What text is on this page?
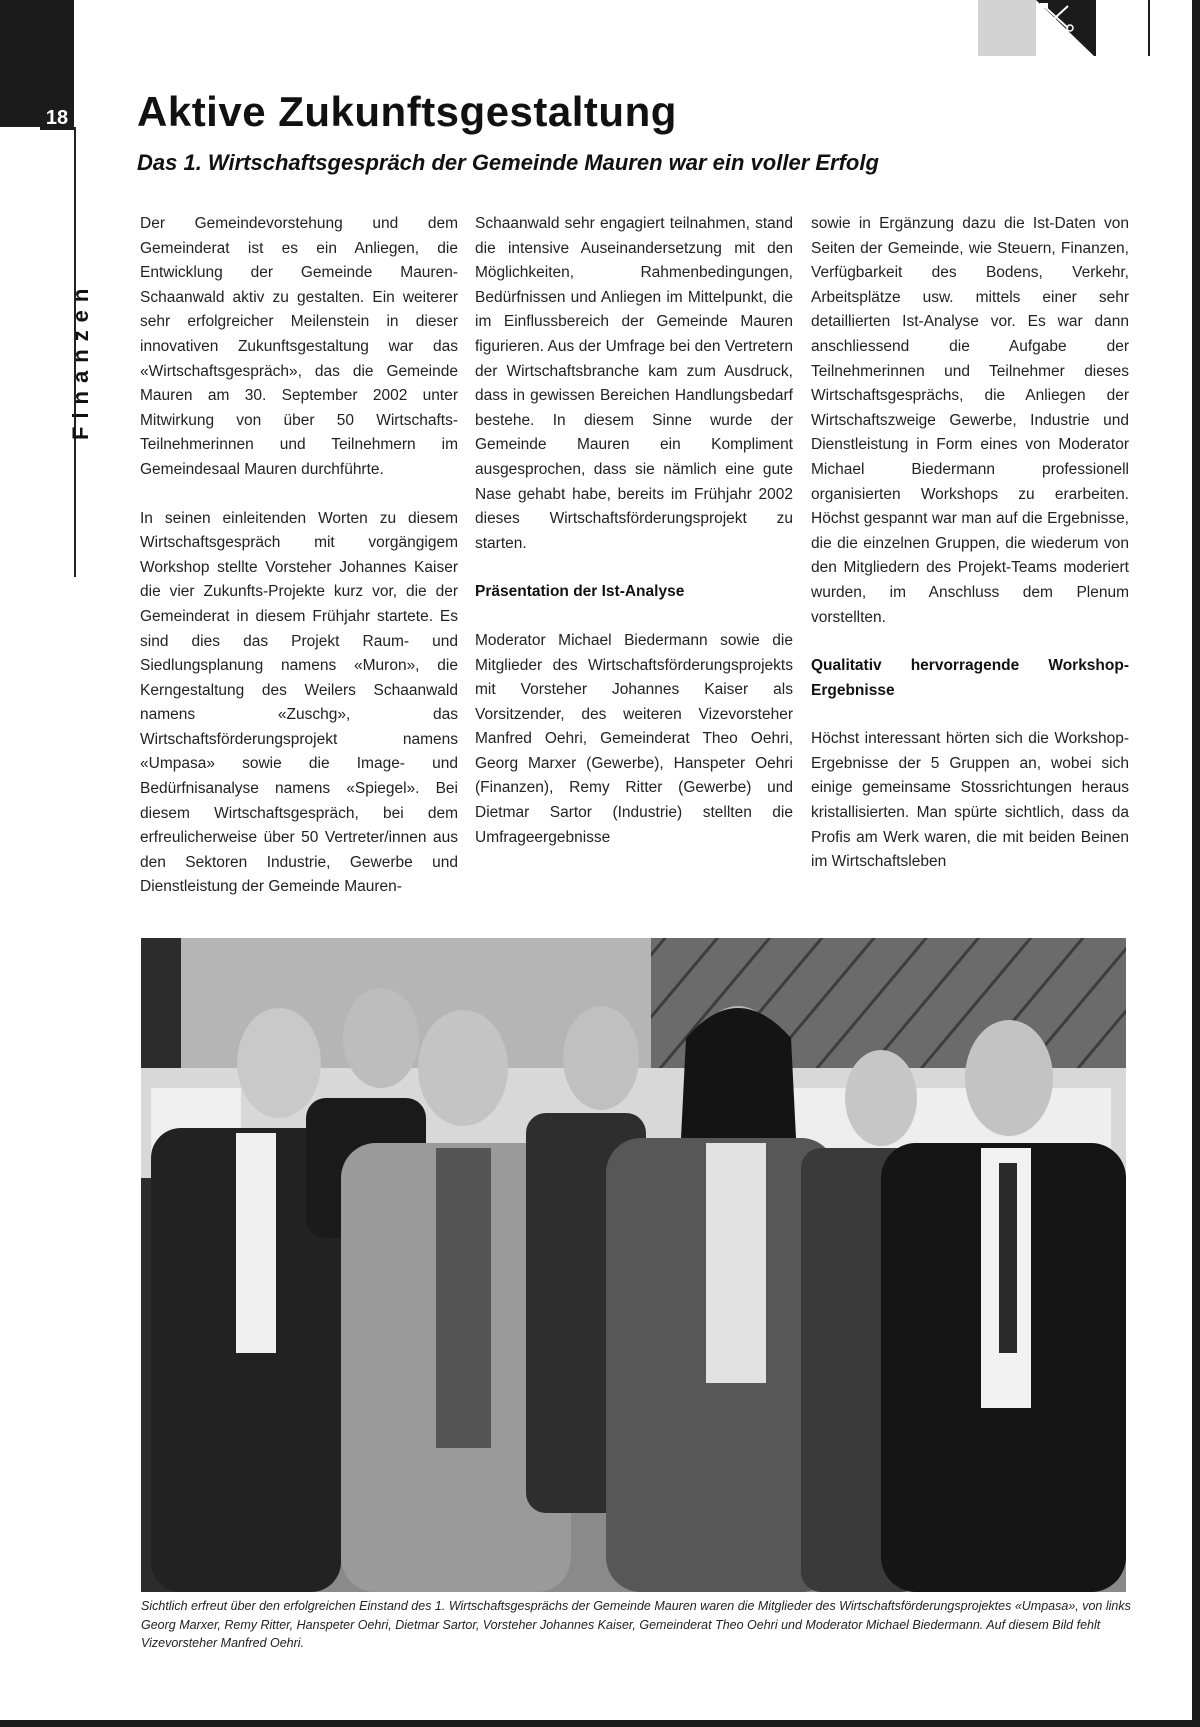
18
Finanzen
Aktive Zukunftsgestaltung
Das 1. Wirtschaftsgespräch der Gemeinde Mauren war ein voller Erfolg

Der Gemeindevorstehung und dem Gemeinderat ist es ein Anliegen, die Entwicklung der Gemeinde Mauren-Schaanwald aktiv zu gestalten. Ein weiterer sehr erfolgreicher Meilenstein in dieser innovativen Zukunftsgestaltung war das «Wirtschaftsgespräch», das die Gemeinde Mauren am 30. September 2002 unter Mitwirkung von über 50 Wirtschafts-Teilnehmerinnen und Teilnehmern im Gemeindesaal Mauren durchführte.

In seinen einleitenden Worten zu diesem Wirtschaftsgespräch mit vorgängigem Workshop stellte Vorsteher Johannes Kaiser die vier Zukunfts-Projekte kurz vor, die der Gemeinderat in diesem Frühjahr startete. Es sind dies das Projekt Raum- und Siedlungsplanung namens «Muron», die Kerngestaltung des Weilers Schaanwald namens «Zuschg», das Wirtschaftsförderungsprojekt namens «Umpasa» sowie die Image- und Bedürfnisanalyse namens «Spiegel». Bei diesem Wirtschaftsgespräch, bei dem erfreulicherweise über 50 Vertreter/innen aus den Sektoren Industrie, Gewerbe und Dienstleistung der Gemeinde Mauren-

Schaanwald sehr engagiert teilnahmen, stand die intensive Auseinandersetzung mit den Möglichkeiten, Rahmenbedingungen, Bedürfnissen und Anliegen im Mittelpunkt, die im Einflussbereich der Gemeinde Mauren figurieren. Aus der Umfrage bei den Vertretern der Wirtschaftsbranche kam zum Ausdruck, dass in gewissen Bereichen Handlungsbedarf bestehe. In diesem Sinne wurde der Gemeinde Mauren ein Kompliment ausgesprochen, dass sie nämlich eine gute Nase gehabt habe, bereits im Frühjahr 2002 dieses Wirtschaftsförderungsprojekt zu starten.

Präsentation der Ist-Analyse

Moderator Michael Biedermann sowie die Mitglieder des Wirtschaftsförderungsprojekts mit Vorsteher Johannes Kaiser als Vorsitzender, des weiteren Vizevorsteher Manfred Oehri, Gemeinderat Theo Oehri, Georg Marxer (Gewerbe), Hanspeter Oehri (Finanzen), Remy Ritter (Gewerbe) und Dietmar Sartor (Industrie) stellten die Umfrageergebnisse

sowie in Ergänzung dazu die Ist-Daten von Seiten der Gemeinde, wie Steuern, Finanzen, Verfügbarkeit des Bodens, Verkehr, Arbeitsplätze usw. mittels einer sehr detaillierten Ist-Analyse vor. Es war dann anschliessend die Aufgabe der Teilnehmerinnen und Teilnehmer dieses Wirtschaftsgesprächs, die Anliegen der Wirtschaftszweige Gewerbe, Industrie und Dienstleistung in Form eines von Moderator Michael Biedermann professionell organisierten Workshops zu erarbeiten. Höchst gespannt war man auf die Ergebnisse, die die einzelnen Gruppen, die wiederum von den Mitgliedern des Projekt-Teams moderiert wurden, im Anschluss dem Plenum vorstellten.

Qualitativ hervorragende Workshop-Ergebnisse

Höchst interessant hörten sich die Workshop-Ergebnisse der 5 Gruppen an, wobei sich einige gemeinsame Stossrichtungen heraus kristallisierten. Man spürte sichtlich, dass da Profis am Werk waren, die mit beiden Beinen im Wirtschaftsleben

Sichtlich erfreut über den erfolgreichen Einstand des 1. Wirtschaftsgesprächs der Gemeinde Mauren waren die Mitglieder des Wirtschaftsförderungsprojektes «Umpasa», von links Georg Marxer, Remy Ritter, Hanspeter Oehri, Dietmar Sartor, Vorsteher Johannes Kaiser, Gemeinderat Theo Oehri und Moderator Michael Biedermann. Auf diesem Bild fehlt Vizevorsteher Manfred Oehri.
